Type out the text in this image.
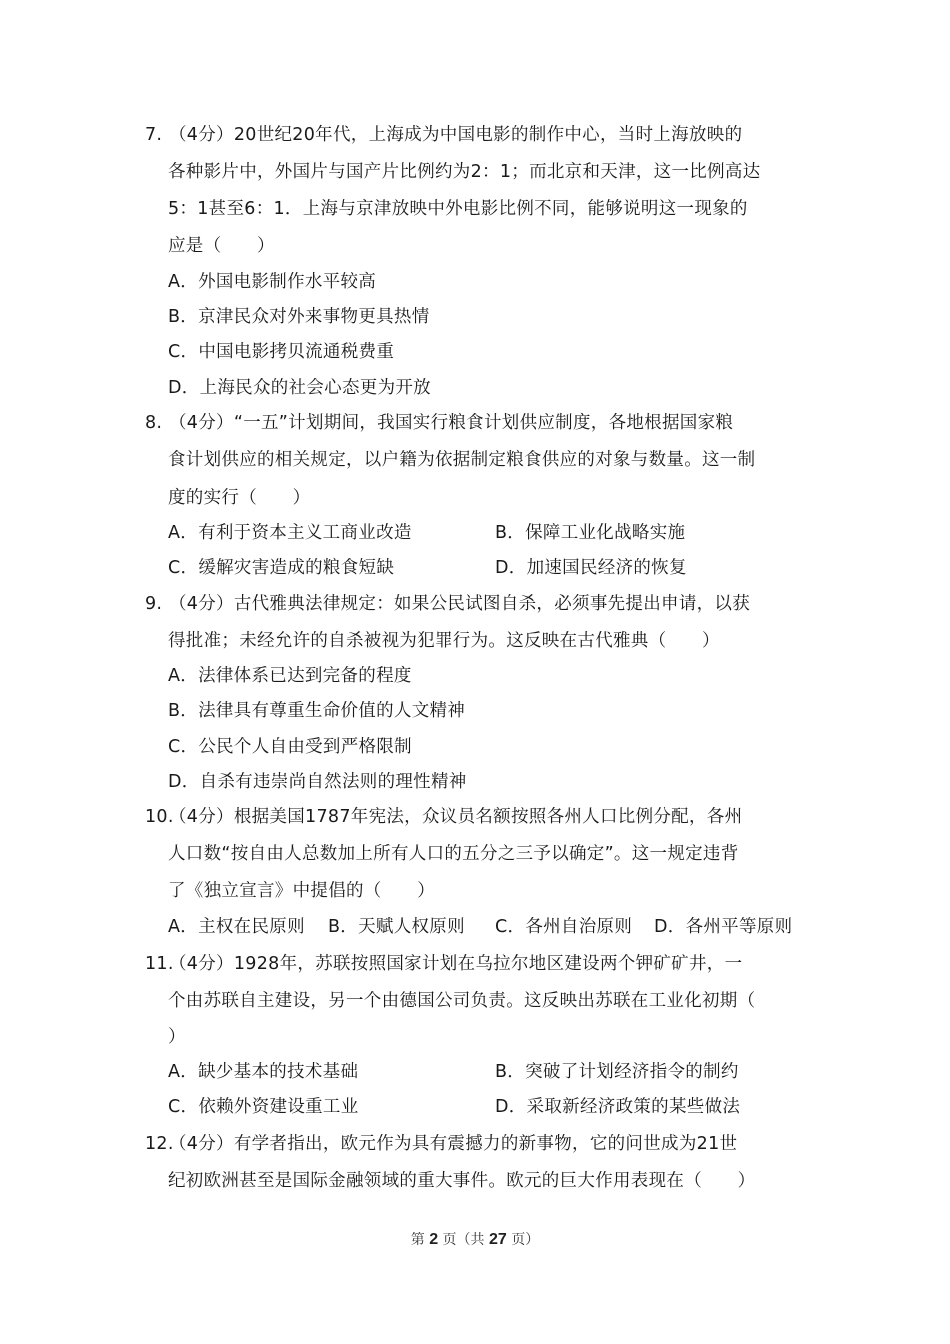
7. （4分）20世纪20年代，上海成为中国电影的制作中心，当时上海放映的
各种影片中，外国片与国产片比例约为2：1；而北京和天津，这一比例高达
5：1甚至6：1．上海与京津放映中外电影比例不同，能够说明这一现象的
应是（　　）
A．外国电影制作水平较高
B．京津民众对外来事物更具热情
C．中国电影拷贝流通税费重
D．上海民众的社会心态更为开放
8. （4分）“一五”计划期间，我国实行粮食计划供应制度，各地根据国家粮
食计划供应的相关规定，以户籍为依据制定粮食供应的对象与数量。这一制
度的实行（　　）
A．有利于资本主义工商业改造	B．保障工业化战略实施
C．缓解灾害造成的粮食短缺	D．加速国民经济的恢复
9. （4分）古代雅典法律规定：如果公民试图自杀，必须事先提出申请，以获
得批准；未经允许的自杀被视为犯罪行为。这反映在古代雅典（　　）
A．法律体系已达到完备的程度
B．法律具有尊重生命价值的人文精神
C．公民个人自由受到严格限制
D．自杀有违崇尚自然法则的理性精神
10.（4分）根据美国1787年宪法，众议员名额按照各州人口比例分配，各州
人口数“按自由人总数加上所有人口的五分之三予以确定”。这一规定违背
了《独立宣言》中提倡的（　　）
A．主权在民原则 B．天赋人权原则 C．各州自治原则 D．各州平等原则
11.（4分）1928年，苏联按照国家计划在乌拉尔地区建设两个钾矿矿井，一
个由苏联自主建设，另一个由德国公司负责。这反映出苏联在工业化初期（
）
A．缺少基本的技术基础	B．突破了计划经济指令的制约
C．依赖外资建设重工业	D．采取新经济政策的某些做法
12.（4分）有学者指出，欧元作为具有震撼力的新事物，它的问世成为21世
纪初欧洲甚至是国际金融领域的重大事件。欧元的巨大作用表现在（　　）
第 2 页（共 27 页）
